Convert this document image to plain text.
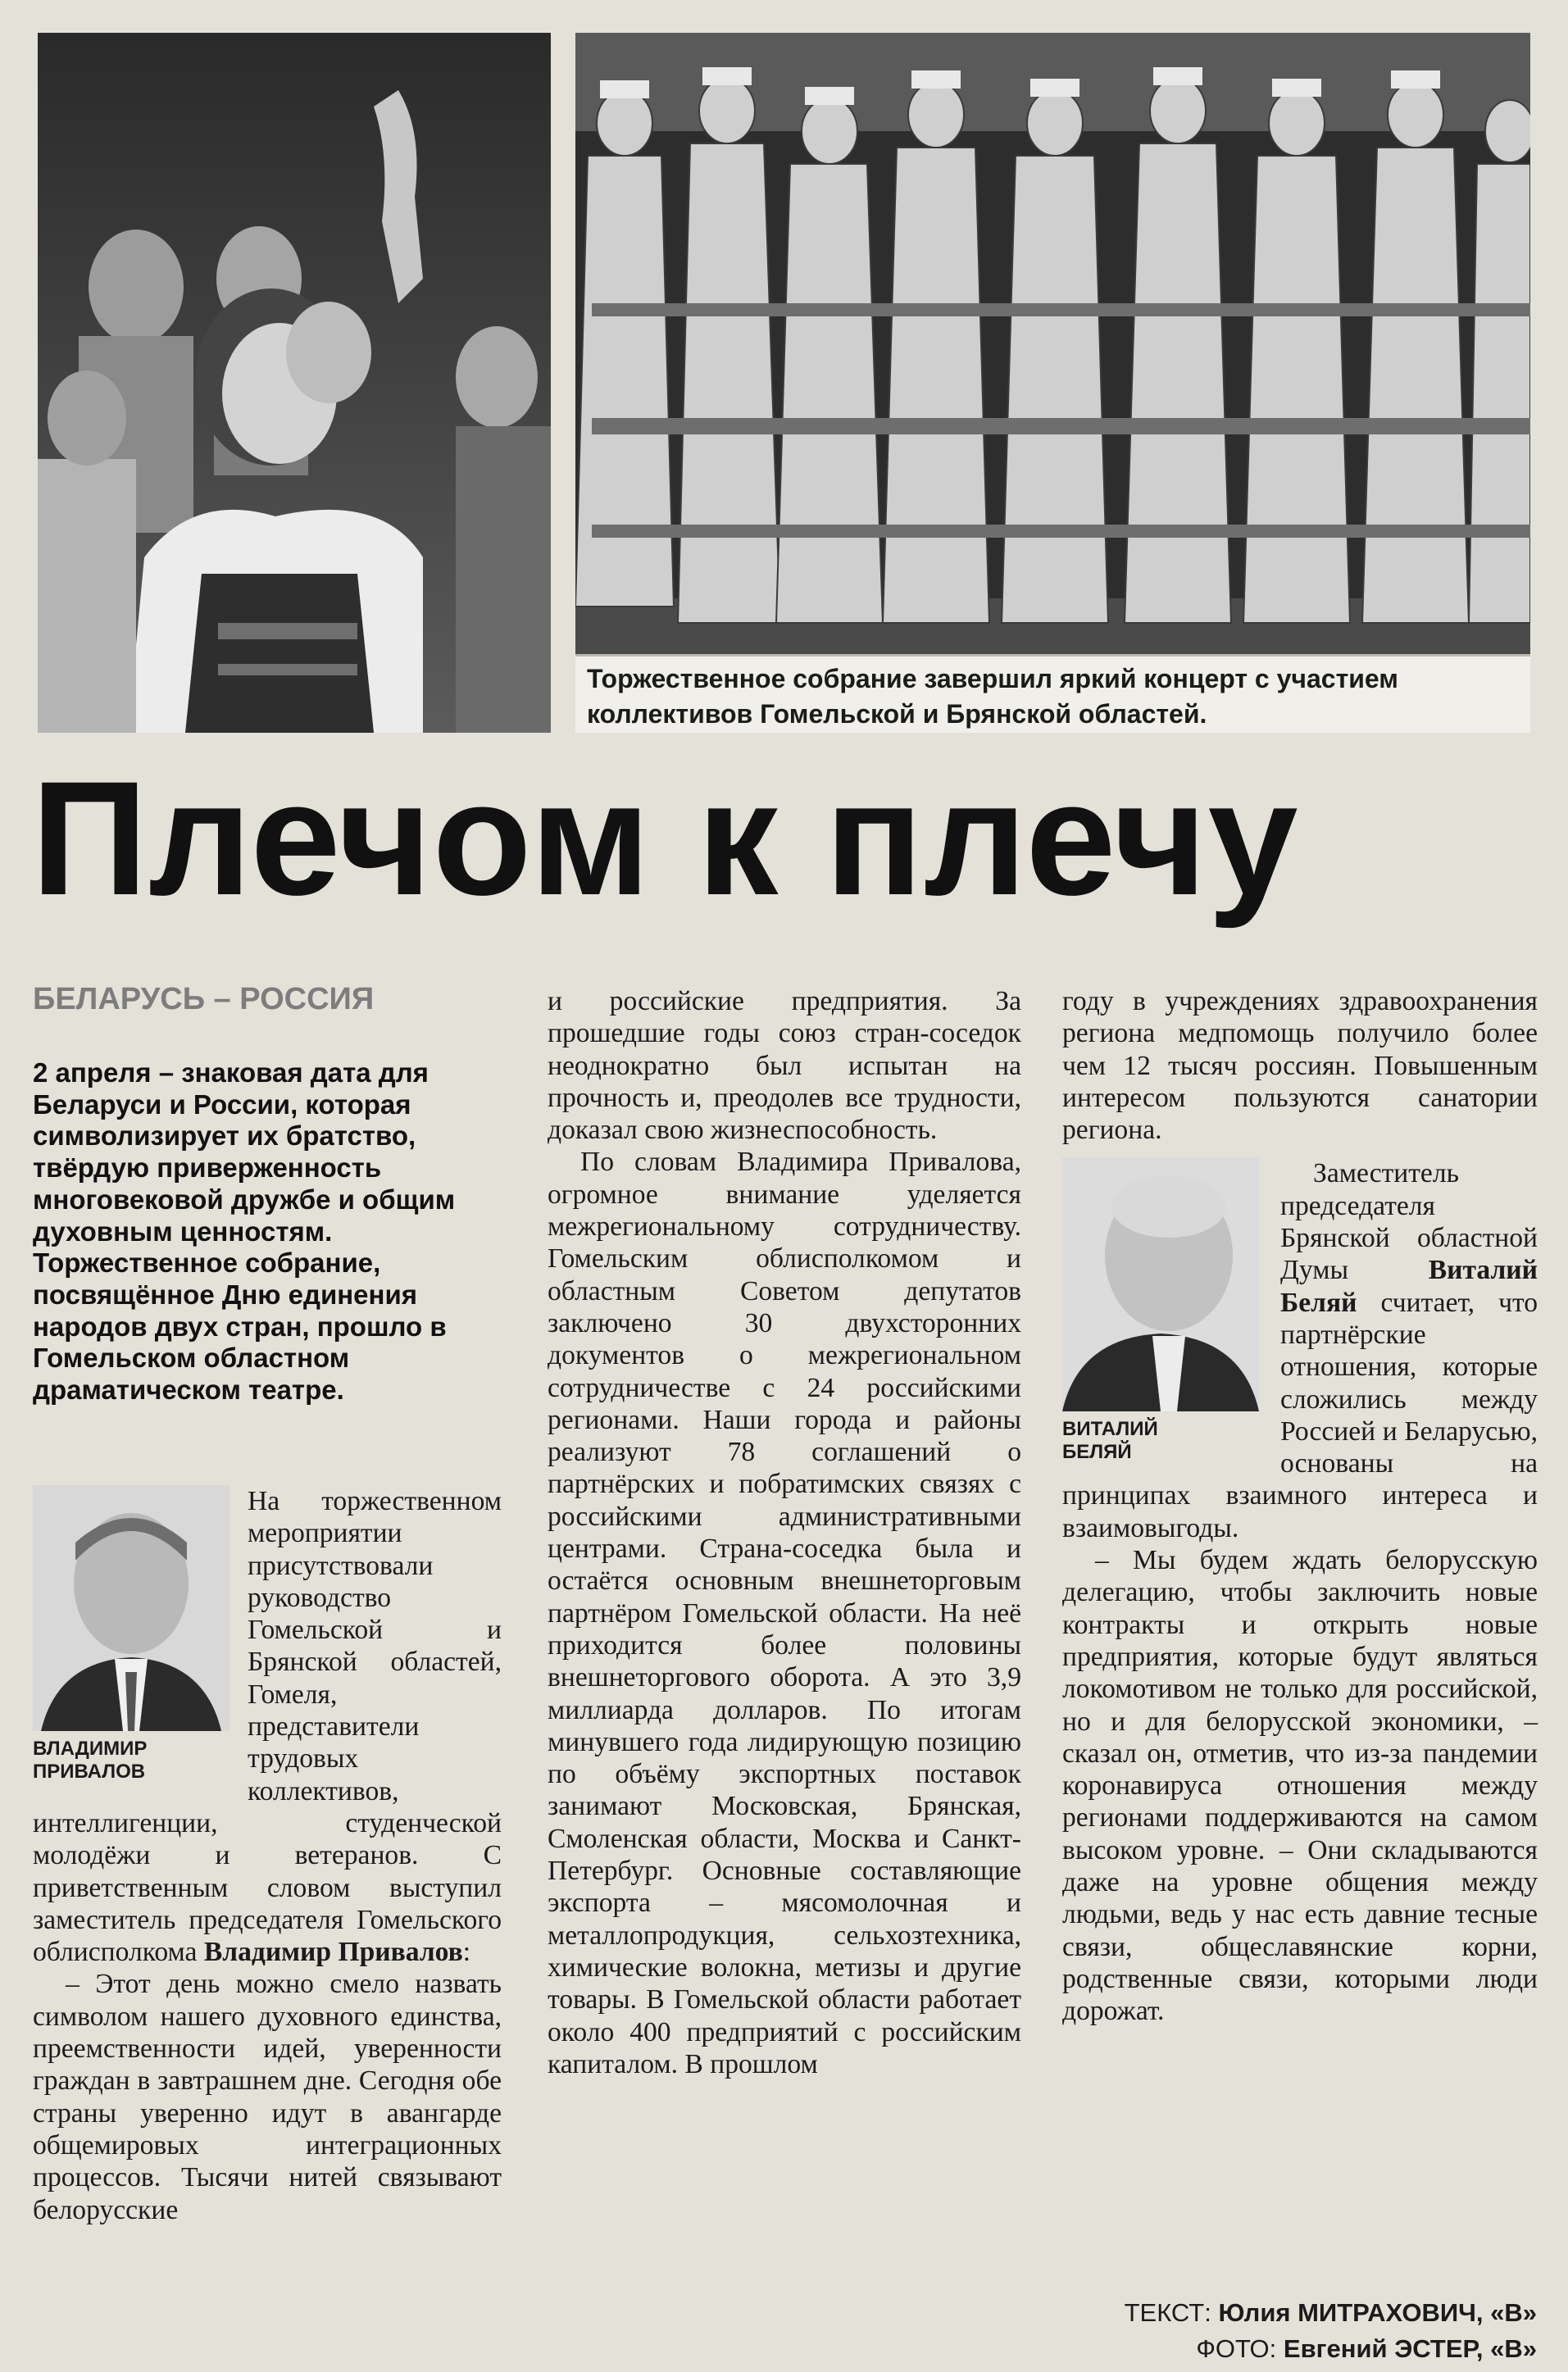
Торжественное собрание завершил яркий концерт с участием коллективов Гомельской и Брянской областей.
Плечом к плечу
БЕЛАРУСЬ – РОССИЯ
2 апреля – знаковая дата для Беларуси и России, которая символизирует их братство, твёрдую приверженность многовековой дружбе и общим духовным ценностям. Торжественное собрание, посвящённое Дню единения народов двух стран, прошло в Гомельском областном драматическом театре.
ВЛАДИМИР
ПРИВАЛОВ

На торжественном мероприятии присутствовали руководство Гомельской и Брянской областей, Гомеля, представители трудовых коллективов, интеллигенции, студенческой молодёжи и ветеранов. С приветственным словом выступил заместитель председателя Гомельского облисполкома Владимир Привалов:

– Этот день можно смело назвать символом нашего духовного единства, преемственности идей, уверенности граждан в завтрашнем дне. Сегодня обе страны уверенно идут в авангарде общемировых интеграционных процессов. Тысячи нитей связывают белорусские

и российские предприятия. За прошедшие годы союз стран-соседок неоднократно был испытан на прочность и, преодолев все трудности, доказал свою жизнеспособность.

По словам Владимира Привалова, огромное внимание уделяется межрегиональному сотрудничеству. Гомельским облисполкомом и областным Советом депутатов заключено 30 двухсторонних документов о межрегиональном сотрудничестве с 24 российскими регионами. Наши города и районы реализуют 78 соглашений о партнёрских и побратимских связях с российскими административными центрами. Страна-соседка была и остаётся основным внешнеторговым партнёром Гомельской области. На неё приходится более половины внешнеторгового оборота. А это 3,9 миллиарда долларов. По итогам минувшего года лидирующую позицию по объёму экспортных поставок занимают Московская, Брянская, Смоленская области, Москва и Санкт-Петербург. Основные составляющие экспорта – мясомолочная и металлопродукция, сельхозтехника, химические волокна, метизы и другие товары. В Гомельской области работает около 400 предприятий с российским капиталом. В прошлом

году в учреждениях здравоохранения региона медпомощь получило более чем 12 тысяч россиян. Повышенным интересом пользуются санатории региона.

ВИТАЛИЙ
БЕЛЯЙ

Заместитель председателя Брянской областной Думы Виталий Беляй считает, что партнёрские отношения, которые сложились между Россией и Беларусью, основаны на принципах взаимного интереса и взаимовыгоды.

– Мы будем ждать белорусскую делегацию, чтобы заключить новые контракты и открыть новые предприятия, которые будут являться локомотивом не только для российской, но и для белорусской экономики, – сказал он, отметив, что из-за пандемии коронавируса отношения между регионами поддерживаются на самом высоком уровне. – Они складываются даже на уровне общения между людьми, ведь у нас есть давние тесные связи, общеславянские корни, родственные связи, которыми люди дорожат.

ТЕКСТ: Юлия МИТРАХОВИЧ, «В»
ФОТО: Евгений ЭСТЕР, «В»
